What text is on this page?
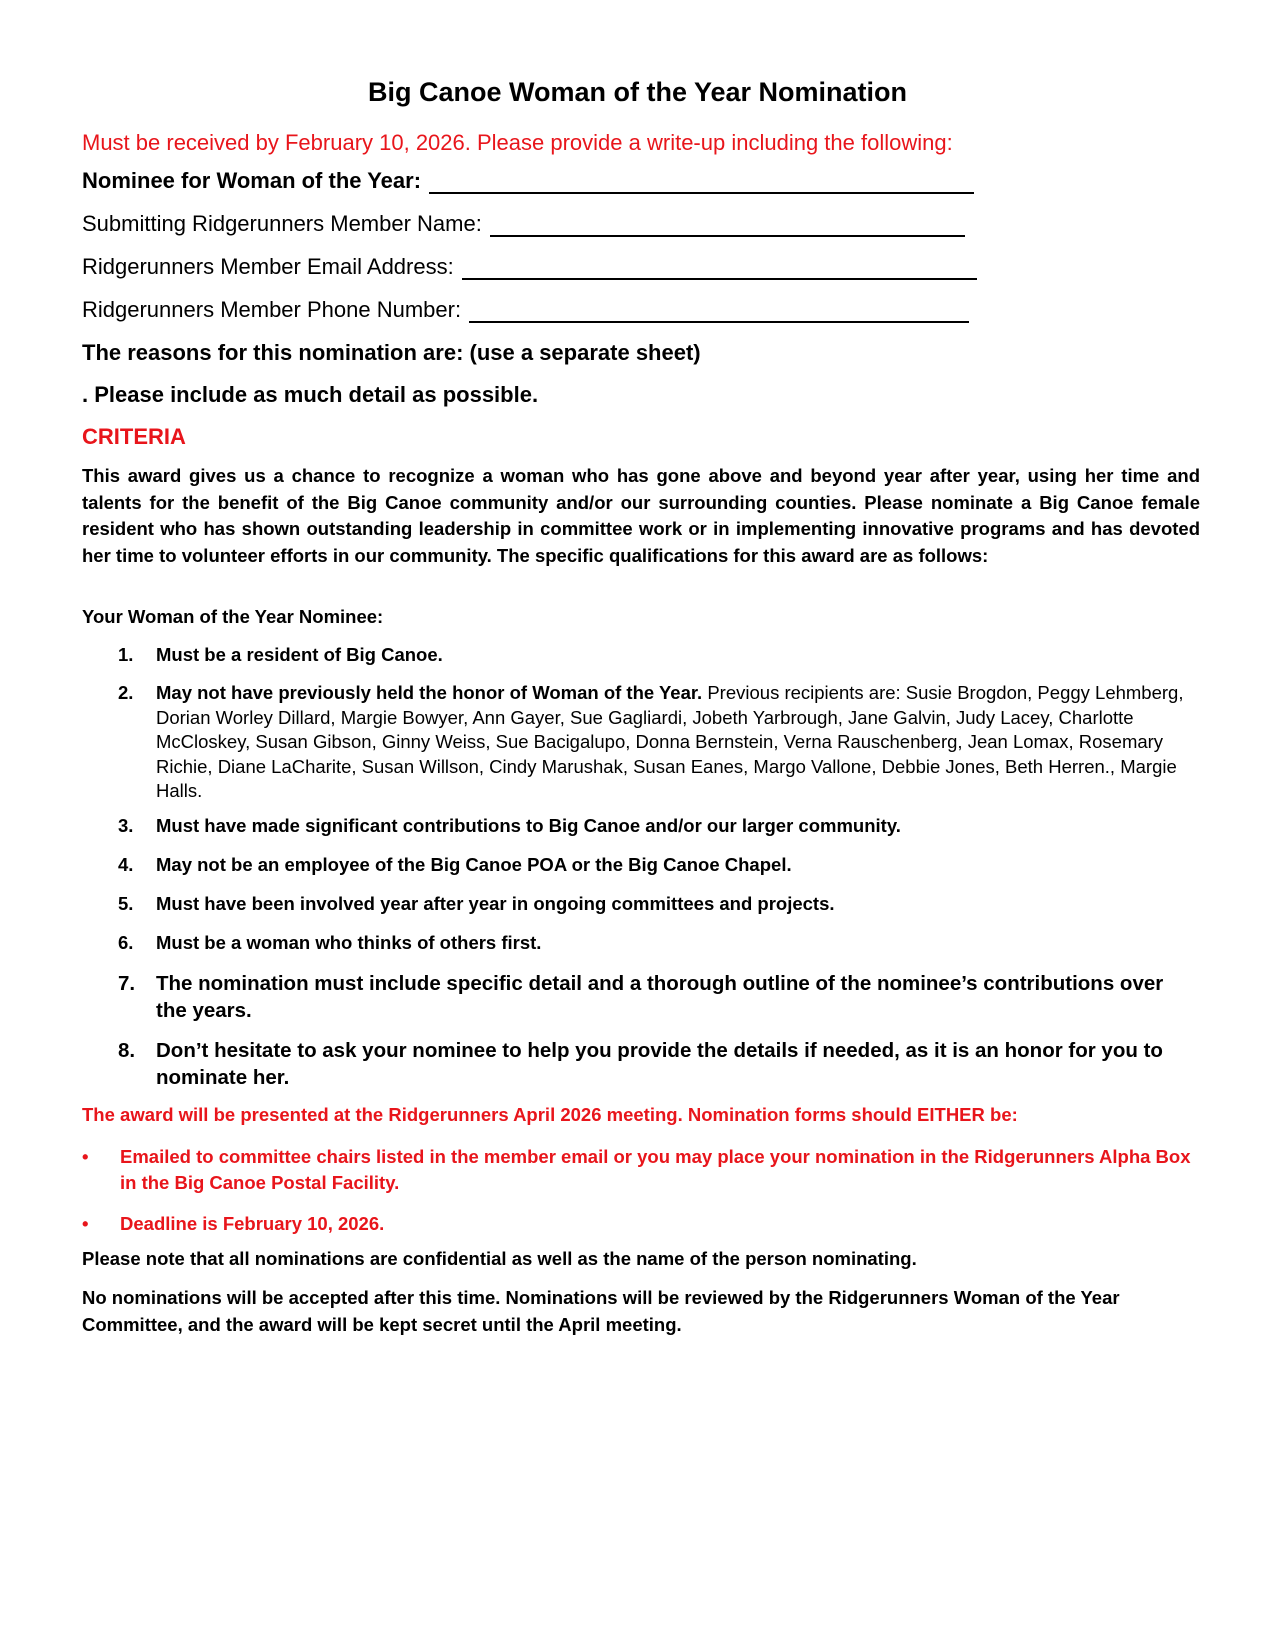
Big Canoe Woman of the Year Nomination
Must be received by February 10, 2026. Please provide a write-up including the following:
Nominee for Woman of the Year:
Submitting Ridgerunners Member Name:
Ridgerunners Member Email Address:
Ridgerunners Member Phone Number:
The reasons for this nomination are: (use a separate sheet)
. Please include as much detail as possible.
CRITERIA
This award gives us a chance to recognize a woman who has gone above and beyond year after year, using her time and talents for the benefit of the Big Canoe community and/or our surrounding counties. Please nominate a Big Canoe female resident who has shown outstanding leadership in committee work or in implementing innovative programs and has devoted her time to volunteer efforts in our community. The specific qualifications for this award are as follows:
Your Woman of the Year Nominee:
1. Must be a resident of Big Canoe.
2. May not have previously held the honor of Woman of the Year. Previous recipients are: Susie Brogdon, Peggy Lehmberg, Dorian Worley Dillard, Margie Bowyer, Ann Gayer, Sue Gagliardi, Jobeth Yarbrough, Jane Galvin, Judy Lacey, Charlotte McCloskey, Susan Gibson, Ginny Weiss, Sue Bacigalupo, Donna Bernstein, Verna Rauschenberg, Jean Lomax, Rosemary Richie, Diane LaCharite, Susan Willson, Cindy Marushak, Susan Eanes, Margo Vallone, Debbie Jones, Beth Herren., Margie Halls.
3. Must have made significant contributions to Big Canoe and/or our larger community.
4. May not be an employee of the Big Canoe POA or the Big Canoe Chapel.
5. Must have been involved year after year in ongoing committees and projects.
6. Must be a woman who thinks of others first.
7. The nomination must include specific detail and a thorough outline of the nominee’s contributions over the years.
8. Don’t hesitate to ask your nominee to help you provide the details if needed, as it is an honor for you to nominate her.
The award will be presented at the Ridgerunners April 2026 meeting. Nomination forms should EITHER be:
• Emailed to committee chairs listed in the member email or you may place your nomination in the Ridgerunners Alpha Box in the Big Canoe Postal Facility.
• Deadline is February 10, 2026.
Please note that all nominations are confidential as well as the name of the person nominating.
No nominations will be accepted after this time. Nominations will be reviewed by the Ridgerunners Woman of the Year Committee, and the award will be kept secret until the April meeting.
